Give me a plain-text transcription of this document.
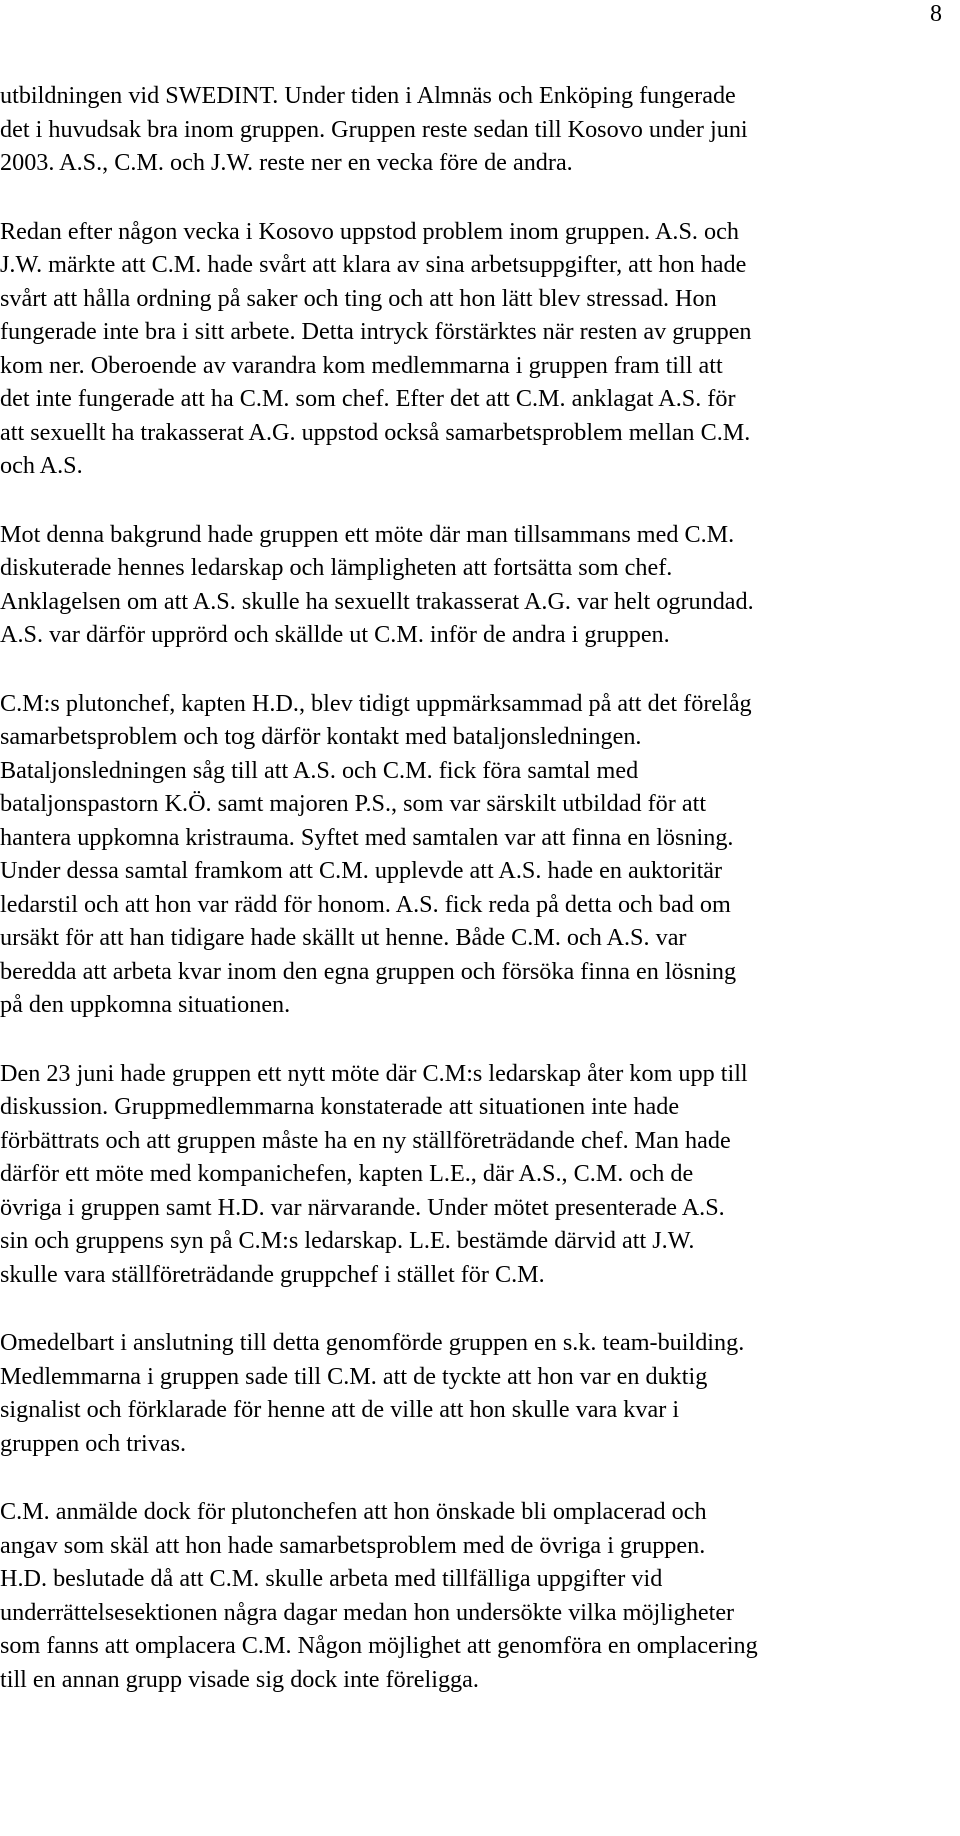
8

utbildningen vid SWEDINT. Under tiden i Almnäs och Enköping fungerade
det i huvudsak bra inom gruppen. Gruppen reste sedan till Kosovo under juni
2003. A.S., C.M. och J.W. reste ner en vecka före de andra.

Redan efter någon vecka i Kosovo uppstod problem inom gruppen. A.S. och
J.W. märkte att C.M. hade svårt att klara av sina arbetsuppgifter, att hon hade
svårt att hålla ordning på saker och ting och att hon lätt blev stressad. Hon
fungerade inte bra i sitt arbete. Detta intryck förstärktes när resten av gruppen
kom ner. Oberoende av varandra kom medlemmarna i gruppen fram till att
det inte fungerade att ha C.M. som chef. Efter det att C.M. anklagat A.S. för
att sexuellt ha trakasserat A.G. uppstod också samarbetsproblem mellan C.M.
och A.S.

Mot denna bakgrund hade gruppen ett möte där man tillsammans med C.M.
diskuterade hennes ledarskap och lämpligheten att fortsätta som chef.
Anklagelsen om att A.S. skulle ha sexuellt trakasserat A.G. var helt ogrundad.
A.S. var därför upprörd och skällde ut C.M. inför de andra i gruppen.

C.M:s plutonchef, kapten H.D., blev tidigt uppmärksammad på att det förelåg
samarbetsproblem och tog därför kontakt med bataljonsledningen.
Bataljonsledningen såg till att A.S. och C.M. fick föra samtal med
bataljonspastorn K.Ö. samt majoren P.S., som var särskilt utbildad för att
hantera uppkomna kristrauma. Syftet med samtalen var att finna en lösning.
Under dessa samtal framkom att C.M. upplevde att A.S. hade en auktoritär
ledarstil och att hon var rädd för honom. A.S. fick reda på detta och bad om
ursäkt för att han tidigare hade skällt ut henne. Både C.M. och A.S. var
beredda att arbeta kvar inom den egna gruppen och försöka finna en lösning
på den uppkomna situationen.

Den 23 juni hade gruppen ett nytt möte där C.M:s ledarskap åter kom upp till
diskussion. Gruppmedlemmarna konstaterade att situationen inte hade
förbättrats och att gruppen måste ha en ny ställföreträdande chef. Man hade
därför ett möte med kompanichefen, kapten L.E., där A.S., C.M. och de
övriga i gruppen samt H.D. var närvarande. Under mötet presenterade A.S.
sin och gruppens syn på C.M:s ledarskap. L.E. bestämde därvid att J.W.
skulle vara ställföreträdande gruppchef i stället för C.M.

Omedelbart i anslutning till detta genomförde gruppen en s.k. team-building.
Medlemmarna i gruppen sade till C.M. att de tyckte att hon var en duktig
signalist och förklarade för henne att de ville att hon skulle vara kvar i
gruppen och trivas.

C.M. anmälde dock för plutonchefen att hon önskade bli omplacerad och
angav som skäl att hon hade samarbetsproblem med de övriga i gruppen.
H.D. beslutade då att C.M. skulle arbeta med tillfälliga uppgifter vid
underrättelsesektionen några dagar medan hon undersökte vilka möjligheter
som fanns att omplacera C.M. Någon möjlighet att genomföra en omplacering
till en annan grupp visade sig dock inte föreligga.
